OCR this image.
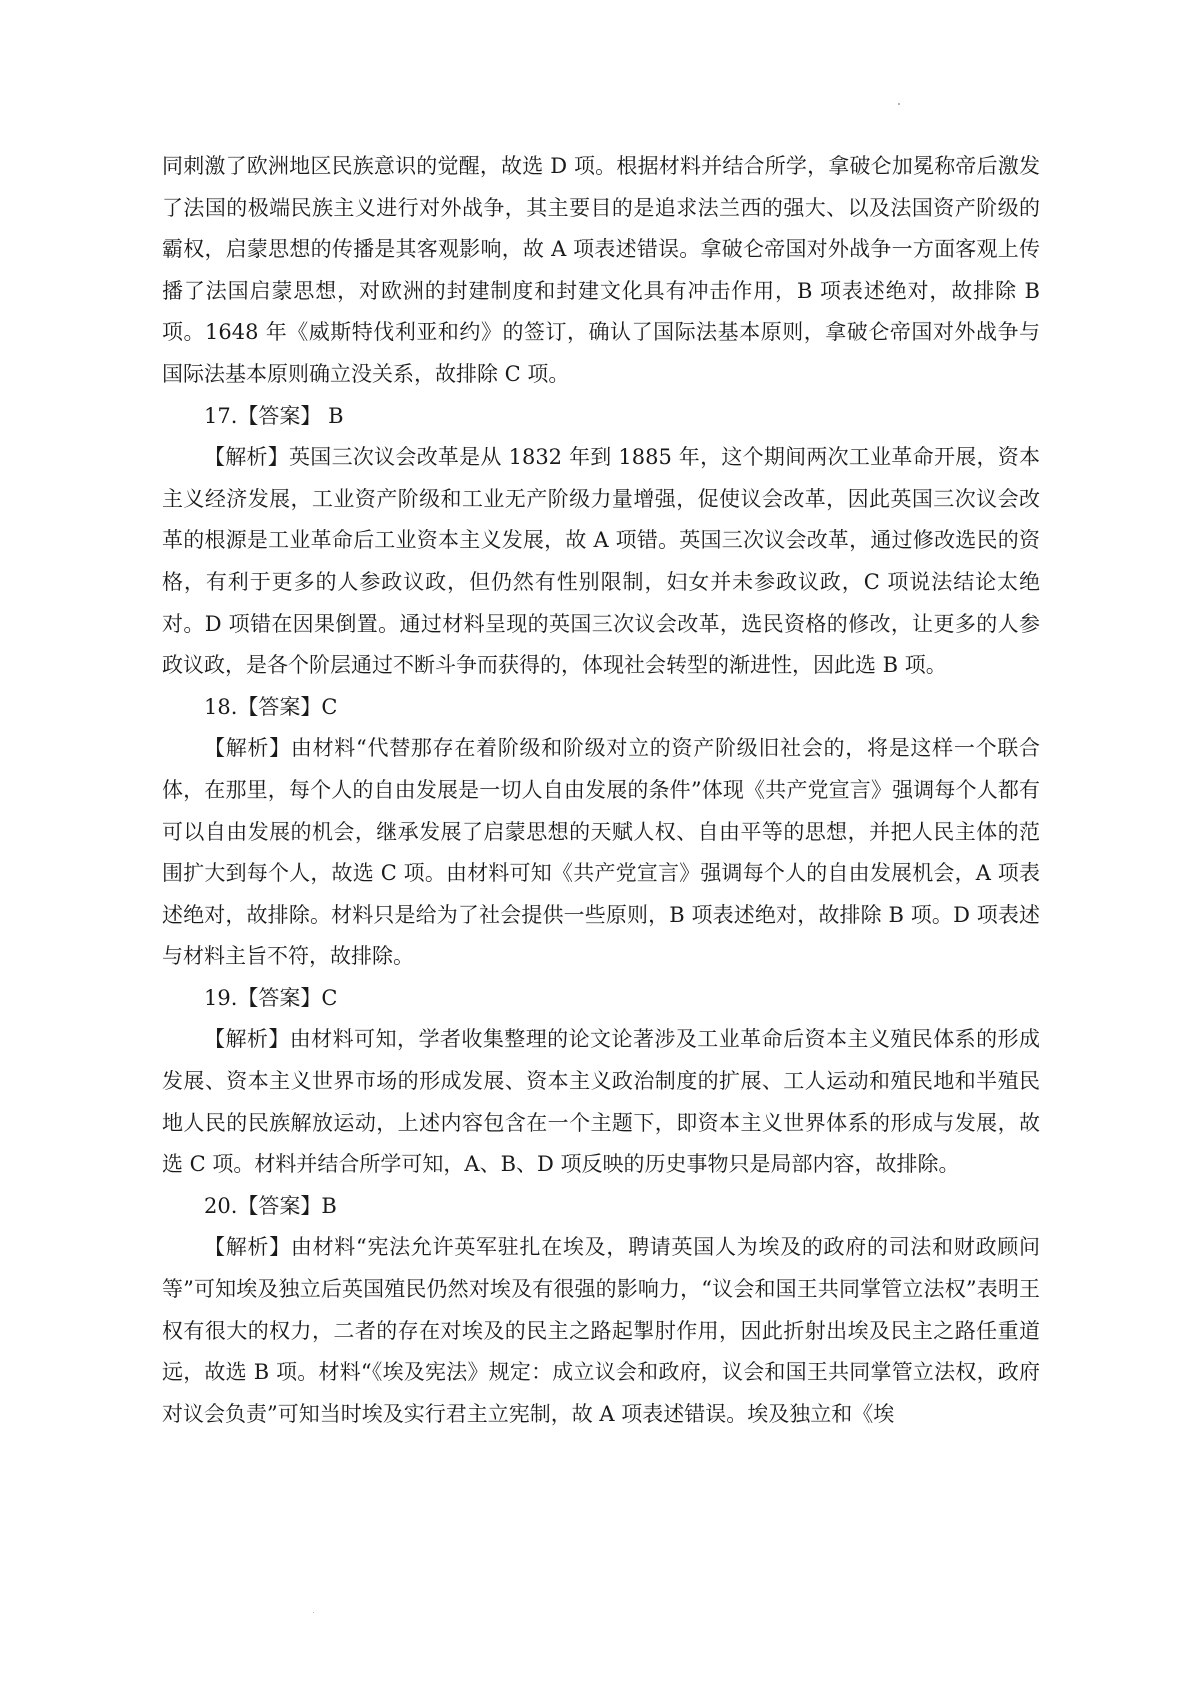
同刺激了欧洲地区民族意识的觉醒，故选 D 项。根据材料并结合所学，拿破仑加冕称帝后激发了法国的极端民族主义进行对外战争，其主要目的是追求法兰西的强大、以及法国资产阶级的霸权，启蒙思想的传播是其客观影响，故 A 项表述错误。拿破仑帝国对外战争一方面客观上传播了法国启蒙思想，对欧洲的封建制度和封建文化具有冲击作用，B 项表述绝对，故排除 B 项。1648 年《威斯特伐利亚和约》的签订，确认了国际法基本原则，拿破仑帝国对外战争与国际法基本原则确立没关系，故排除 C 项。

17.【答案】 B

【解析】英国三次议会改革是从 1832 年到 1885 年，这个期间两次工业革命开展，资本主义经济发展，工业资产阶级和工业无产阶级力量增强，促使议会改革，因此英国三次议会改革的根源是工业革命后工业资本主义发展，故 A 项错。英国三次议会改革，通过修改选民的资格，有利于更多的人参政议政，但仍然有性别限制，妇女并未参政议政，C 项说法结论太绝对。D 项错在因果倒置。通过材料呈现的英国三次议会改革，选民资格的修改，让更多的人参政议政，是各个阶层通过不断斗争而获得的，体现社会转型的渐进性，因此选 B 项。

18.【答案】C

【解析】由材料“代替那存在着阶级和阶级对立的资产阶级旧社会的，将是这样一个联合体，在那里，每个人的自由发展是一切人自由发展的条件”体现《共产党宣言》强调每个人都有可以自由发展的机会，继承发展了启蒙思想的天赋人权、自由平等的思想，并把人民主体的范围扩大到每个人，故选 C 项。由材料可知《共产党宣言》强调每个人的自由发展机会，A 项表述绝对，故排除。材料只是给为了社会提供一些原则，B 项表述绝对，故排除 B 项。D 项表述与材料主旨不符，故排除。

19.【答案】C

【解析】由材料可知，学者收集整理的论文论著涉及工业革命后资本主义殖民体系的形成发展、资本主义世界市场的形成发展、资本主义政治制度的扩展、工人运动和殖民地和半殖民地人民的民族解放运动，上述内容包含在一个主题下，即资本主义世界体系的形成与发展，故选 C 项。材料并结合所学可知，A、B、D 项反映的历史事物只是局部内容，故排除。

20.【答案】B

【解析】由材料“宪法允许英军驻扎在埃及，聘请英国人为埃及的政府的司法和财政顾问等”可知埃及独立后英国殖民仍然对埃及有很强的影响力，“议会和国王共同掌管立法权”表明王权有很大的权力，二者的存在对埃及的民主之路起掣肘作用，因此折射出埃及民主之路任重道远，故选 B 项。材料“《埃及宪法》规定：成立议会和政府，议会和国王共同掌管立法权，政府对议会负责”可知当时埃及实行君主立宪制，故 A 项表述错误。埃及独立和《埃
